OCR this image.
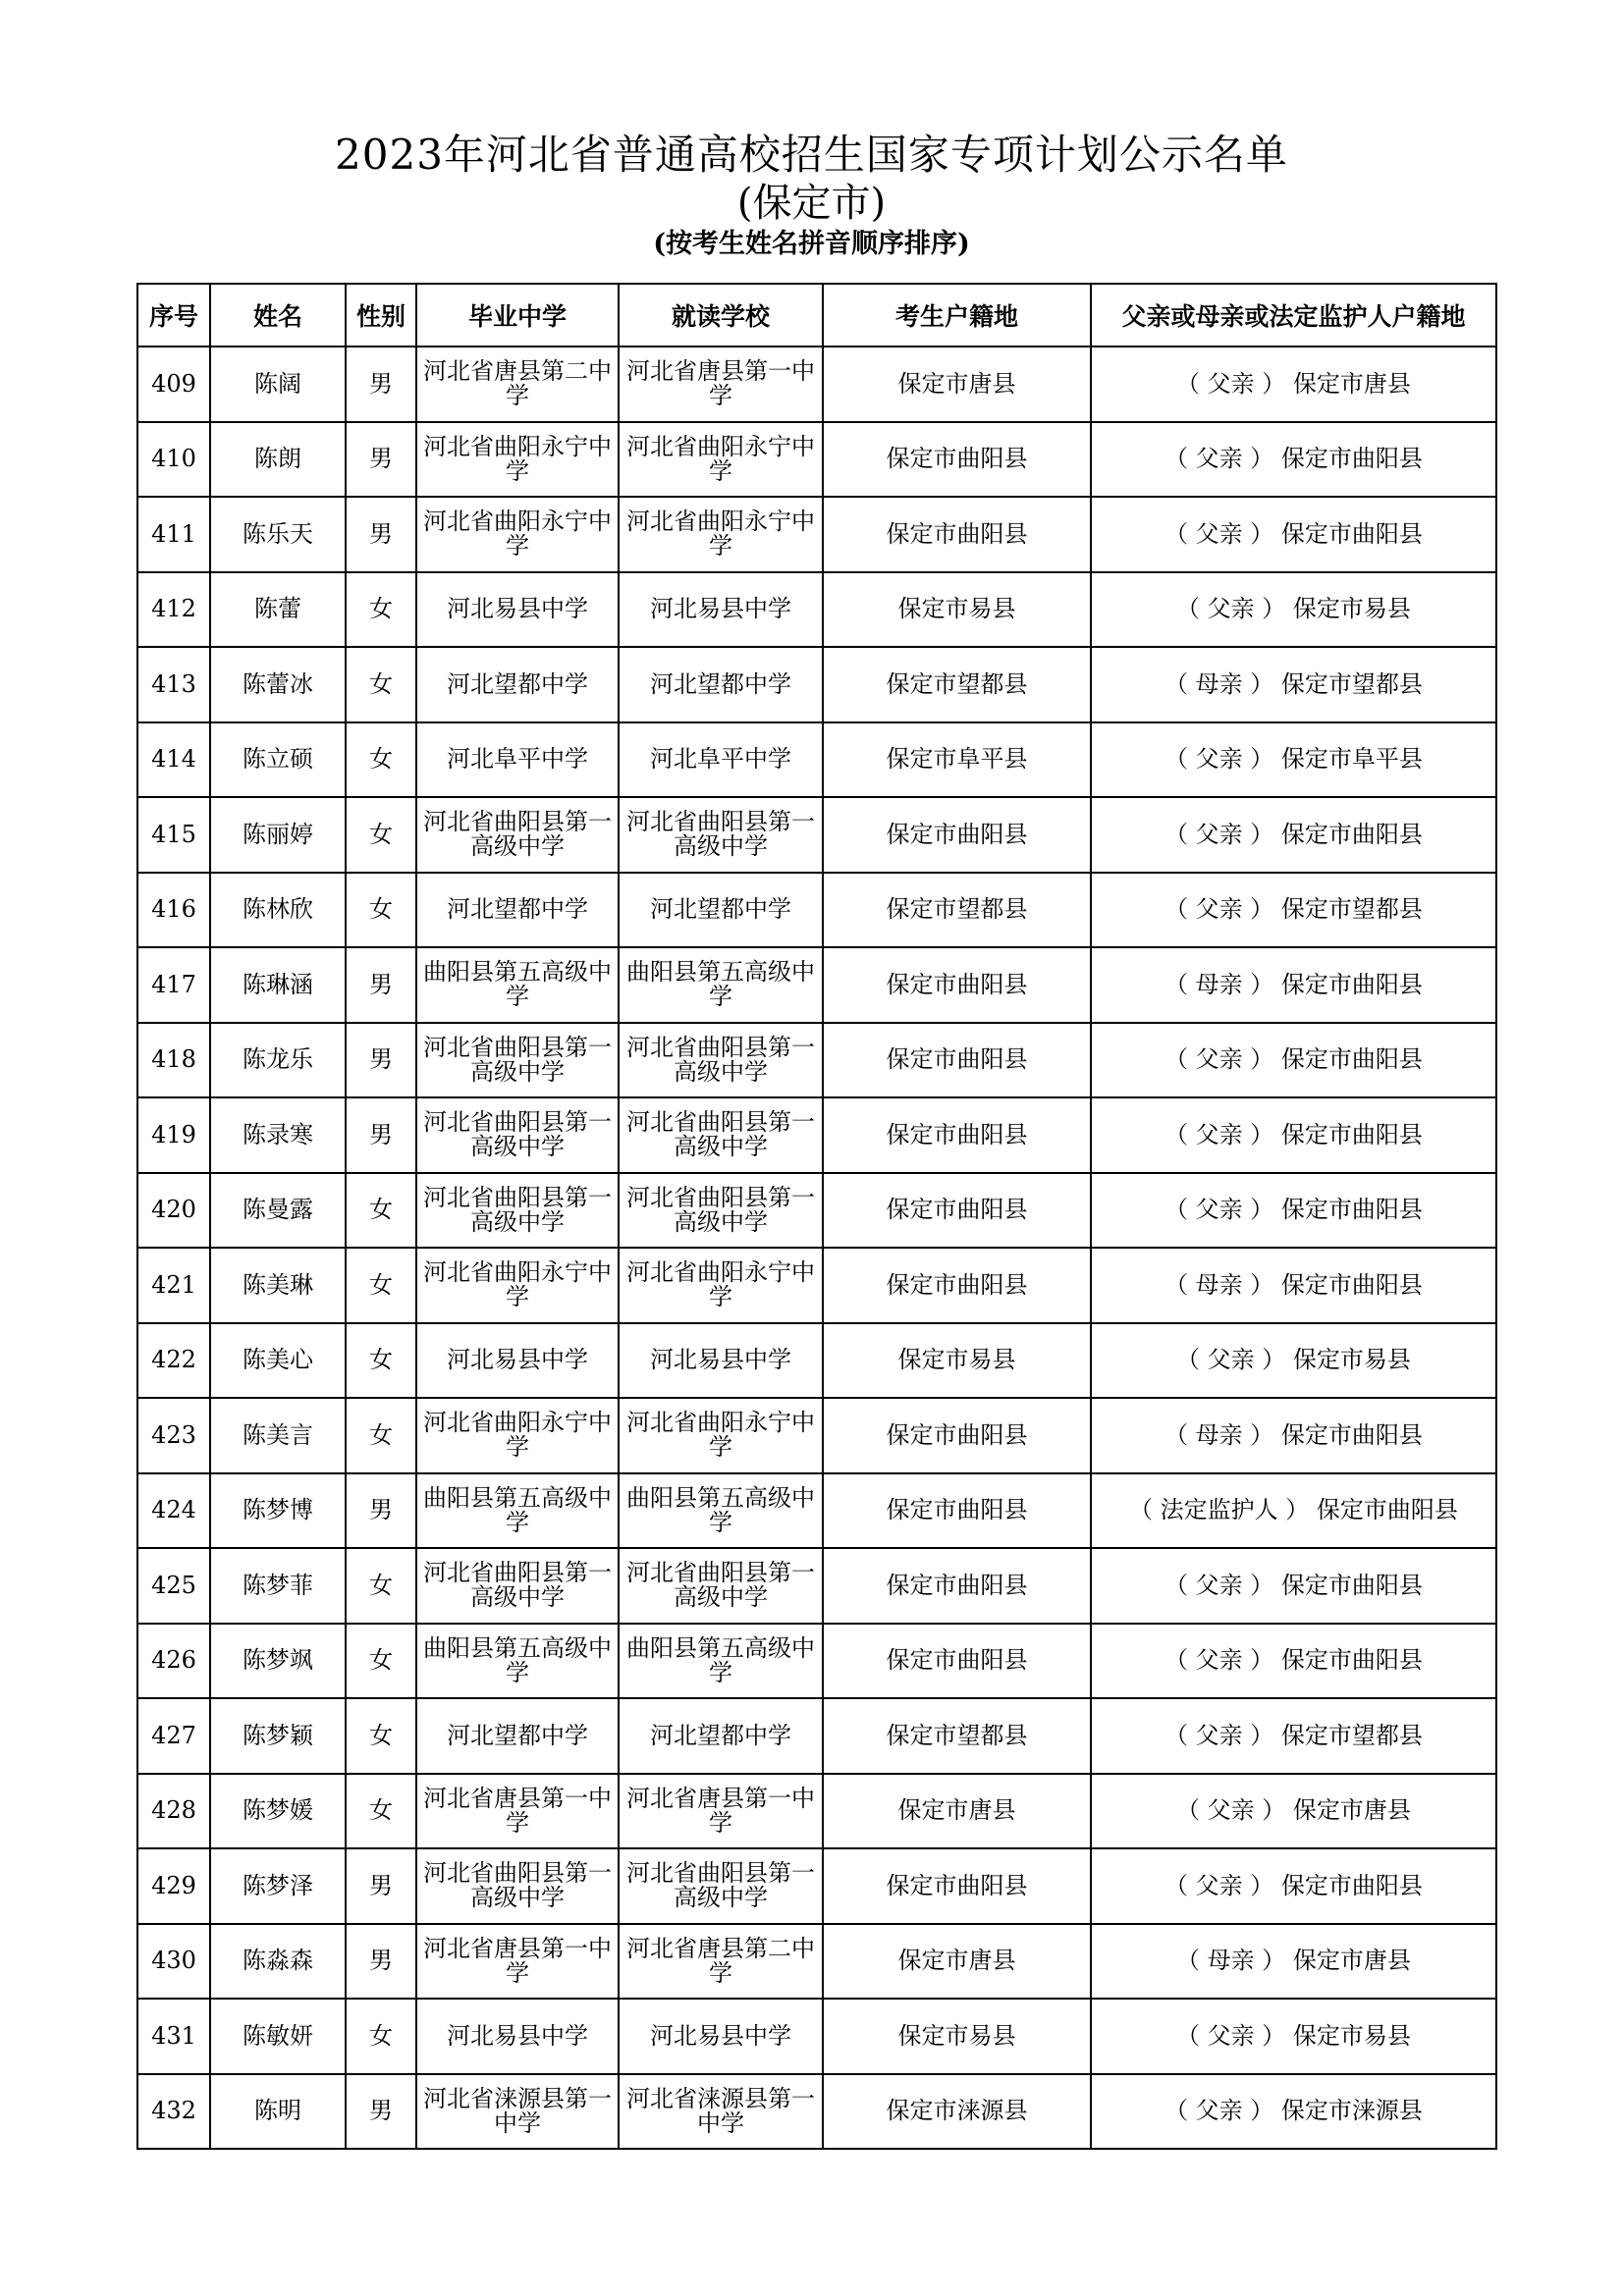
2023年河北省普通高校招生国家专项计划公示名单
(保定市)
(按考生姓名拼音顺序排序)
序号	姓名	性别	毕业中学	就读学校	考生户籍地	父亲或母亲或法定监护人户籍地
409	陈阔	男	河北省唐县第二中学	河北省唐县第一中学	保定市唐县	（ 父亲 ） 保定市唐县
410	陈朗	男	河北省曲阳永宁中学	河北省曲阳永宁中学	保定市曲阳县	（ 父亲 ） 保定市曲阳县
411	陈乐天	男	河北省曲阳永宁中学	河北省曲阳永宁中学	保定市曲阳县	（ 父亲 ） 保定市曲阳县
412	陈蕾	女	河北易县中学	河北易县中学	保定市易县	（ 父亲 ） 保定市易县
413	陈蕾冰	女	河北望都中学	河北望都中学	保定市望都县	（ 母亲 ） 保定市望都县
414	陈立硕	女	河北阜平中学	河北阜平中学	保定市阜平县	（ 父亲 ） 保定市阜平县
415	陈丽婷	女	河北省曲阳县第一高级中学	河北省曲阳县第一高级中学	保定市曲阳县	（ 父亲 ） 保定市曲阳县
416	陈林欣	女	河北望都中学	河北望都中学	保定市望都县	（ 父亲 ） 保定市望都县
417	陈琳涵	男	曲阳县第五高级中学	曲阳县第五高级中学	保定市曲阳县	（ 母亲 ） 保定市曲阳县
418	陈龙乐	男	河北省曲阳县第一高级中学	河北省曲阳县第一高级中学	保定市曲阳县	（ 父亲 ） 保定市曲阳县
419	陈录寒	男	河北省曲阳县第一高级中学	河北省曲阳县第一高级中学	保定市曲阳县	（ 父亲 ） 保定市曲阳县
420	陈曼露	女	河北省曲阳县第一高级中学	河北省曲阳县第一高级中学	保定市曲阳县	（ 父亲 ） 保定市曲阳县
421	陈美琳	女	河北省曲阳永宁中学	河北省曲阳永宁中学	保定市曲阳县	（ 母亲 ） 保定市曲阳县
422	陈美心	女	河北易县中学	河北易县中学	保定市易县	（ 父亲 ） 保定市易县
423	陈美言	女	河北省曲阳永宁中学	河北省曲阳永宁中学	保定市曲阳县	（ 母亲 ） 保定市曲阳县
424	陈梦博	男	曲阳县第五高级中学	曲阳县第五高级中学	保定市曲阳县	（ 法定监护人 ） 保定市曲阳县
425	陈梦菲	女	河北省曲阳县第一高级中学	河北省曲阳县第一高级中学	保定市曲阳县	（ 父亲 ） 保定市曲阳县
426	陈梦飒	女	曲阳县第五高级中学	曲阳县第五高级中学	保定市曲阳县	（ 父亲 ） 保定市曲阳县
427	陈梦颖	女	河北望都中学	河北望都中学	保定市望都县	（ 父亲 ） 保定市望都县
428	陈梦媛	女	河北省唐县第一中学	河北省唐县第一中学	保定市唐县	（ 父亲 ） 保定市唐县
429	陈梦泽	男	河北省曲阳县第一高级中学	河北省曲阳县第一高级中学	保定市曲阳县	（ 父亲 ） 保定市曲阳县
430	陈淼森	男	河北省唐县第一中学	河北省唐县第二中学	保定市唐县	（ 母亲 ） 保定市唐县
431	陈敏妍	女	河北易县中学	河北易县中学	保定市易县	（ 父亲 ） 保定市易县
432	陈明	男	河北省涞源县第一中学	河北省涞源县第一中学	保定市涞源县	（ 父亲 ） 保定市涞源县
